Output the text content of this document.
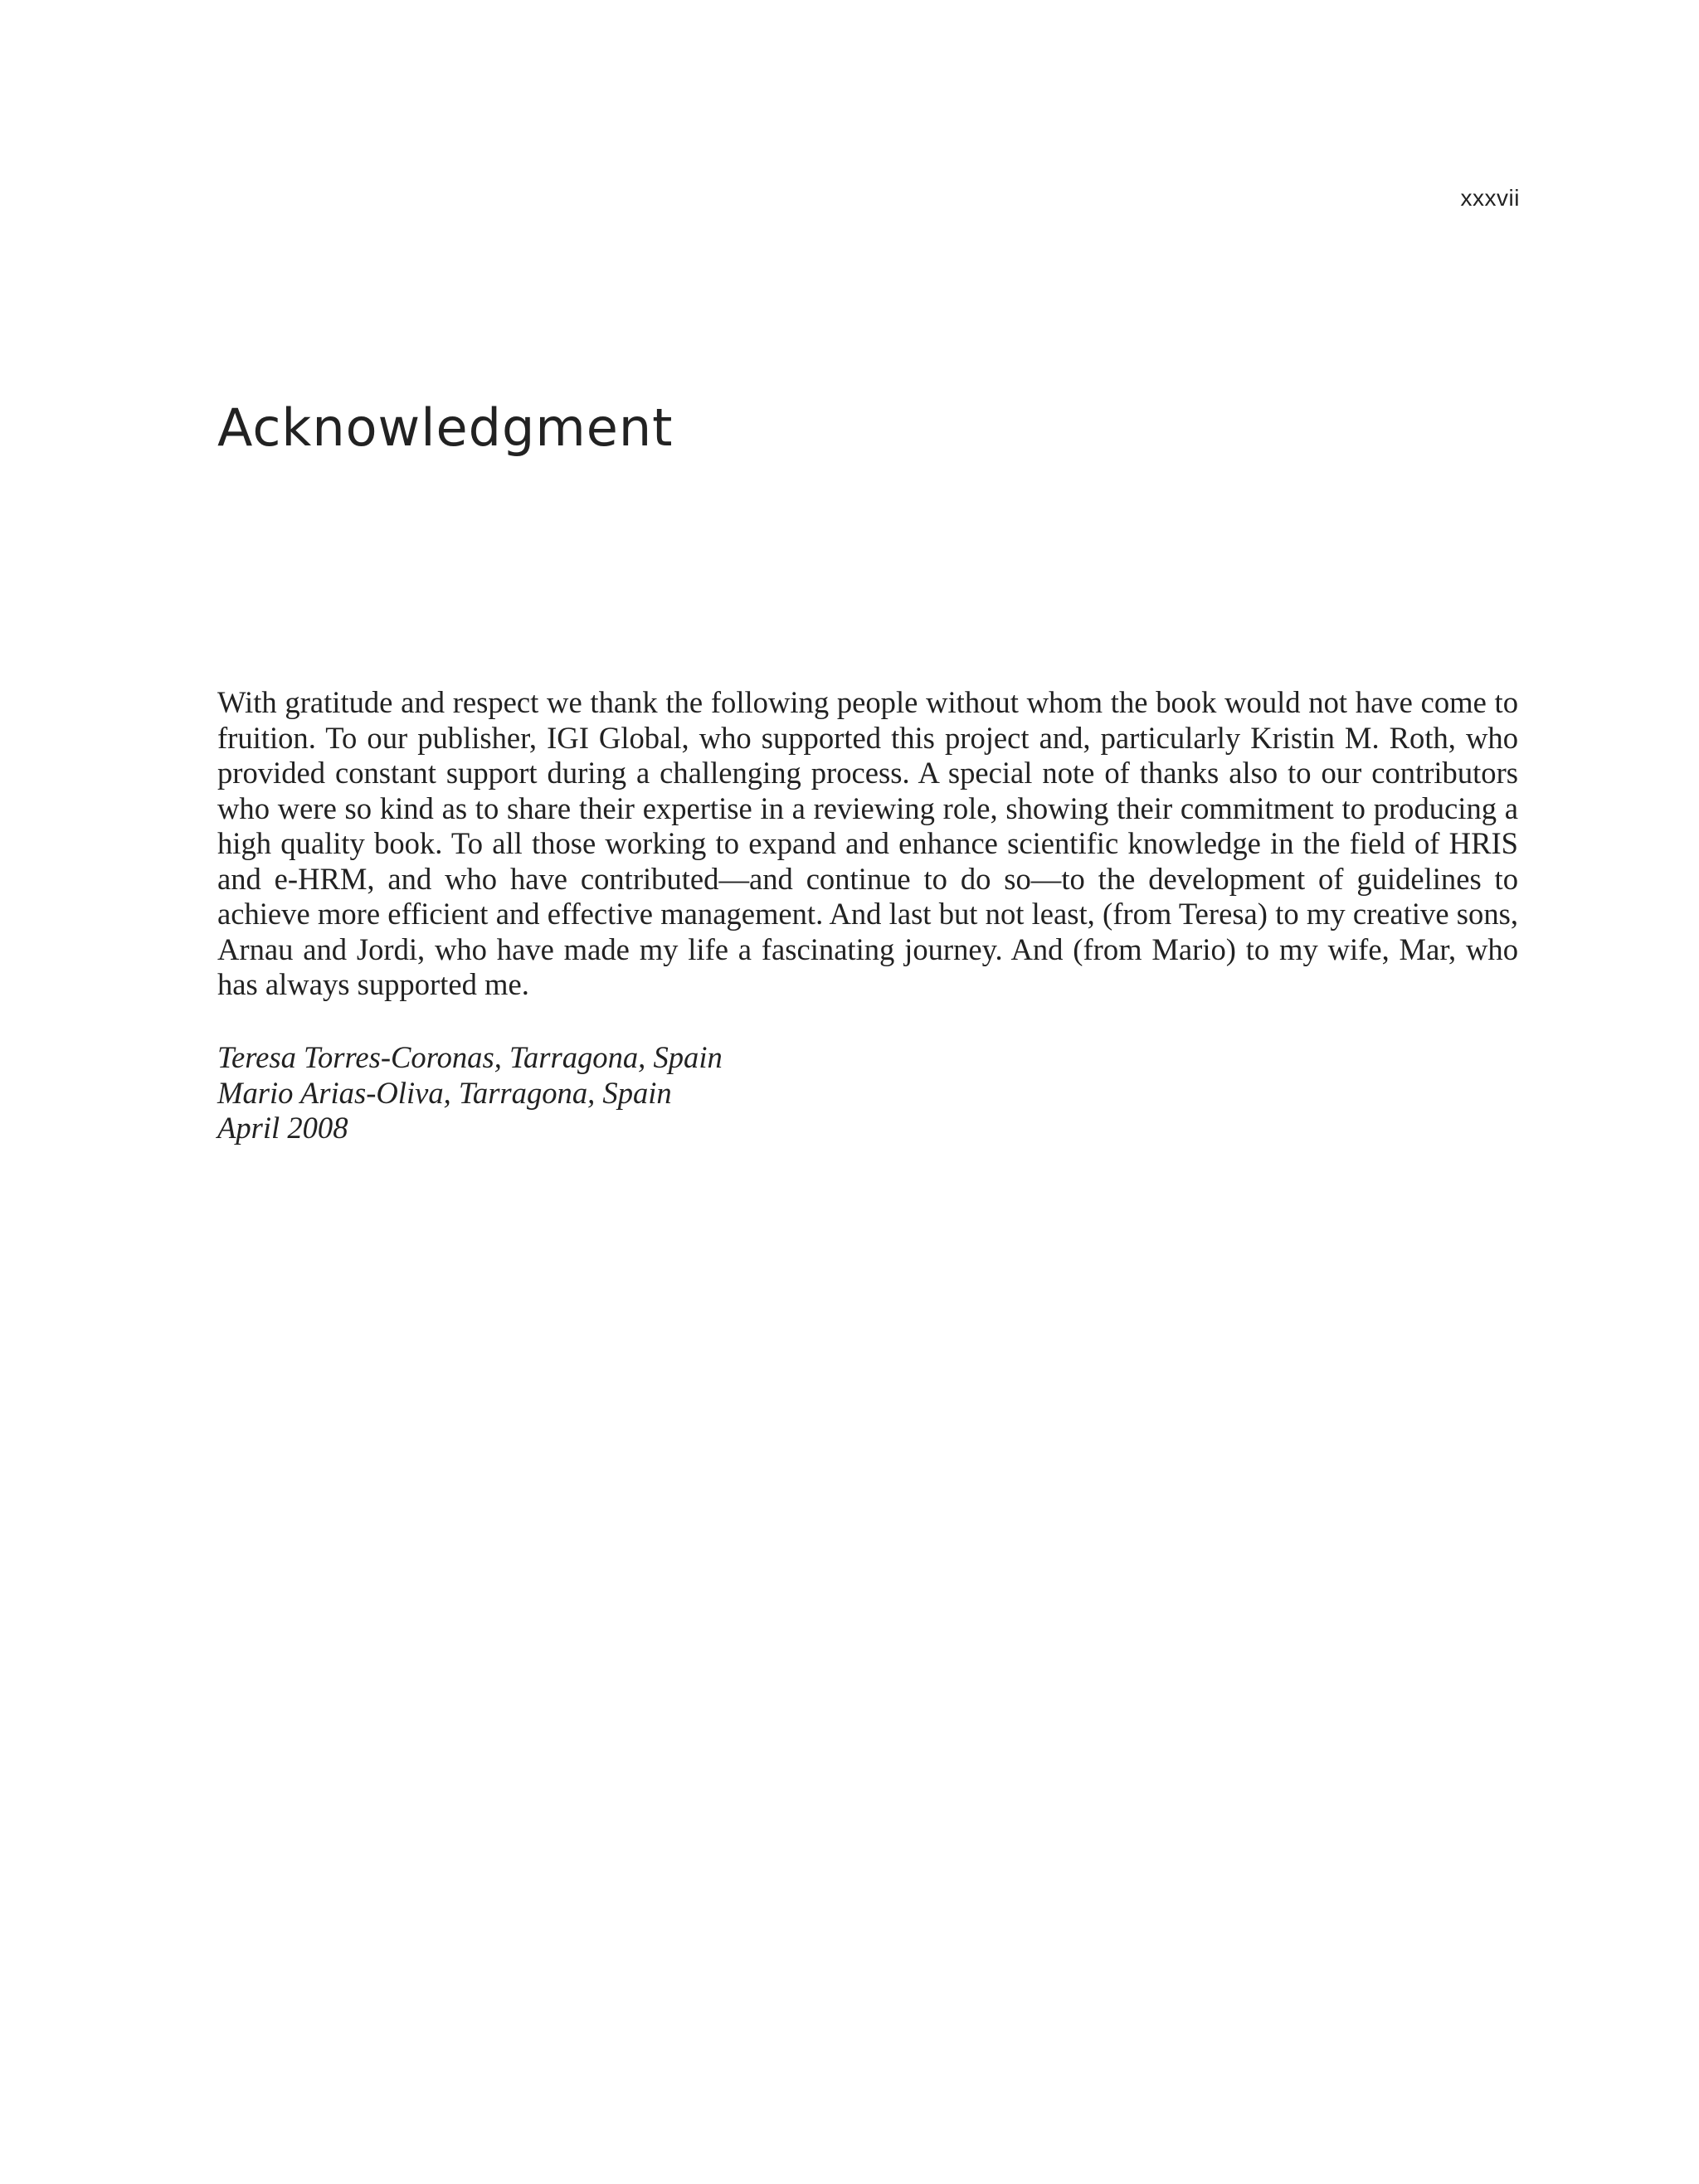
xxxvii
Acknowledgment

With gratitude and respect we thank the following people without whom the book would not have come to fruition. To our publisher, IGI Global, who supported this project and, particularly Kristin M. Roth, who provided constant support during a challenging process. A special note of thanks also to our contributors who were so kind as to share their expertise in a reviewing role, showing their commitment to producing a high quality book. To all those working to expand and enhance scientific knowledge in the field of HRIS and e-HRM, and who have contributed—and continue to do so—to the development of guidelines to achieve more efficient and effective management. And last but not least, (from Teresa) to my creative sons, Arnau and Jordi, who have made my life a fascinating journey. And (from Mario) to my wife, Mar, who has always supported me.

Teresa Torres-Coronas, Tarragona, Spain
Mario Arias-Oliva, Tarragona, Spain
April 2008
